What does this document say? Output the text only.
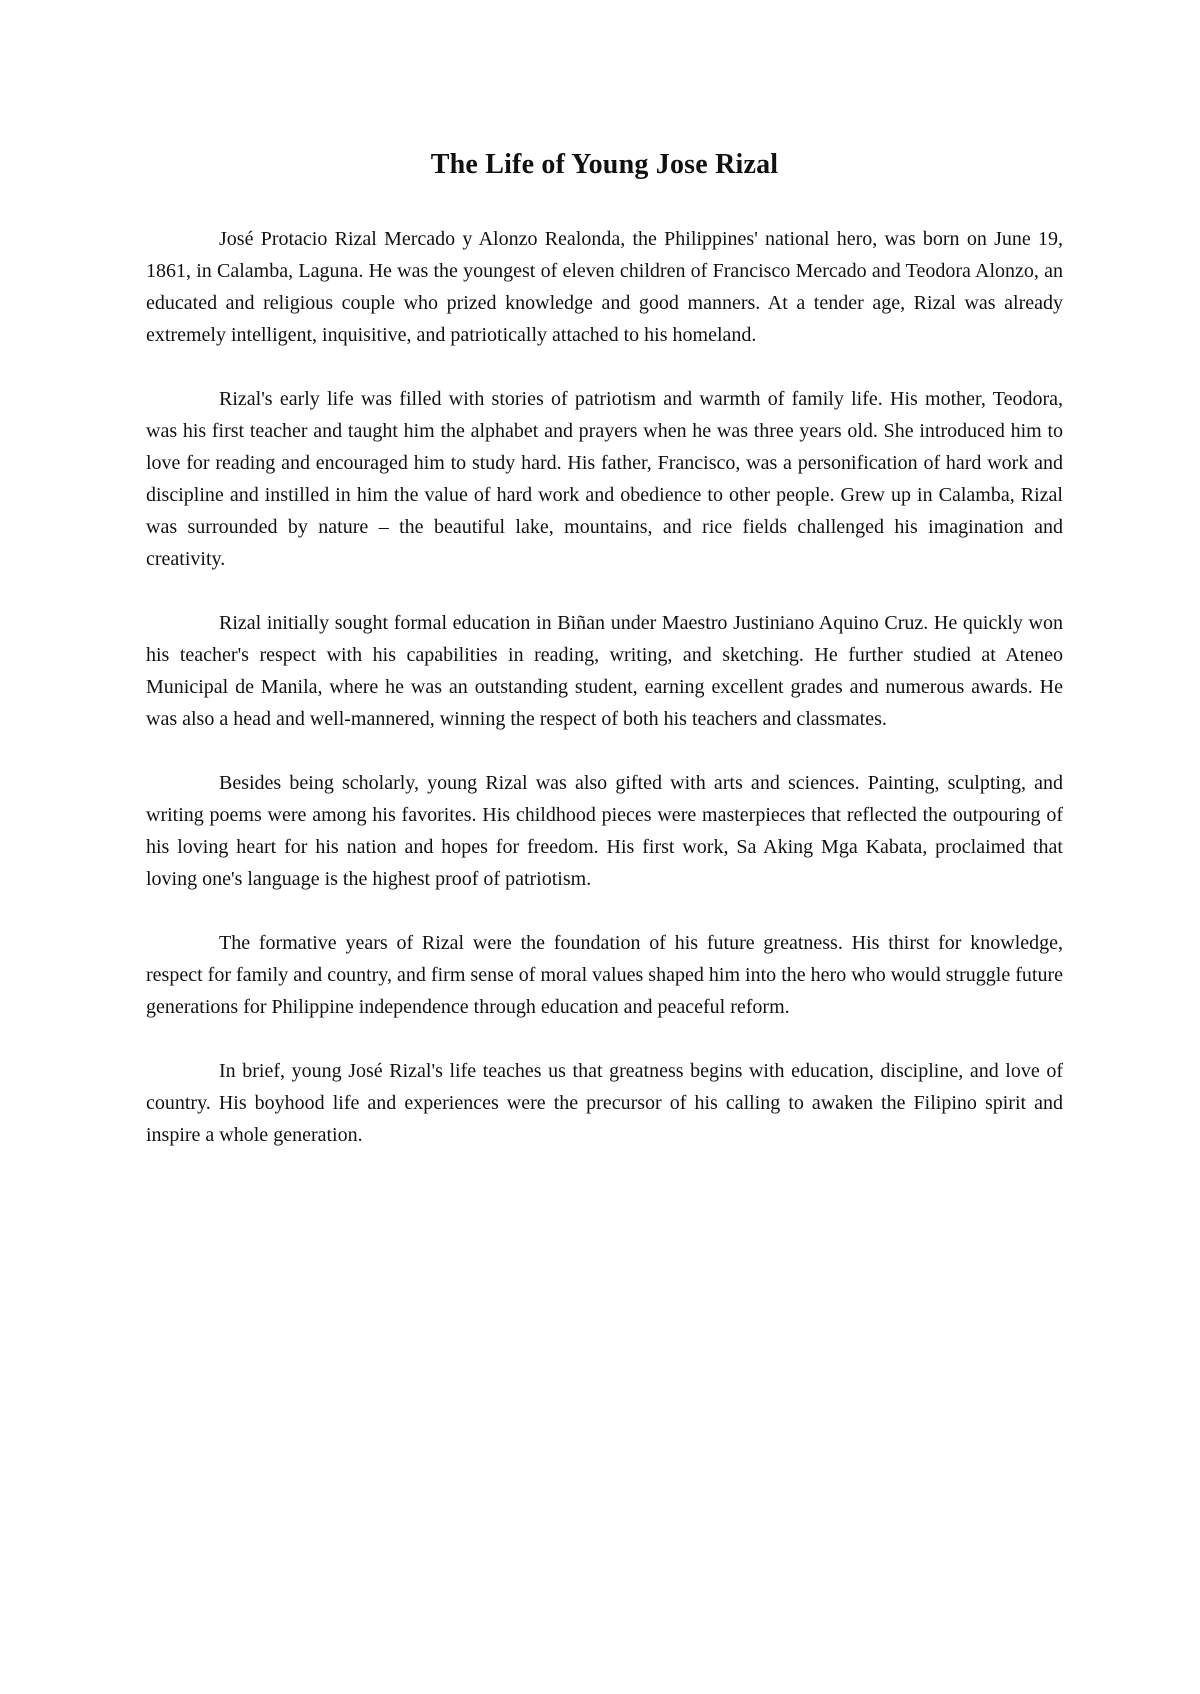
The Life of Young Jose Rizal

José Protacio Rizal Mercado y Alonzo Realonda, the Philippines' national hero, was born on June 19, 1861, in Calamba, Laguna. He was the youngest of eleven children of Francisco Mercado and Teodora Alonzo, an educated and religious couple who prized knowledge and good manners. At a tender age, Rizal was already extremely intelligent, inquisitive, and patriotically attached to his homeland.

Rizal's early life was filled with stories of patriotism and warmth of family life. His mother, Teodora, was his first teacher and taught him the alphabet and prayers when he was three years old. She introduced him to love for reading and encouraged him to study hard. His father, Francisco, was a personification of hard work and discipline and instilled in him the value of hard work and obedience to other people. Grew up in Calamba, Rizal was surrounded by nature – the beautiful lake, mountains, and rice fields challenged his imagination and creativity.

Rizal initially sought formal education in Biñan under Maestro Justiniano Aquino Cruz. He quickly won his teacher's respect with his capabilities in reading, writing, and sketching. He further studied at Ateneo Municipal de Manila, where he was an outstanding student, earning excellent grades and numerous awards. He was also a head and well-mannered, winning the respect of both his teachers and classmates.

Besides being scholarly, young Rizal was also gifted with arts and sciences. Painting, sculpting, and writing poems were among his favorites. His childhood pieces were masterpieces that reflected the outpouring of his loving heart for his nation and hopes for freedom. His first work, Sa Aking Mga Kabata, proclaimed that loving one's language is the highest proof of patriotism.

The formative years of Rizal were the foundation of his future greatness. His thirst for knowledge, respect for family and country, and firm sense of moral values shaped him into the hero who would struggle future generations for Philippine independence through education and peaceful reform.

In brief, young José Rizal's life teaches us that greatness begins with education, discipline, and love of country. His boyhood life and experiences were the precursor of his calling to awaken the Filipino spirit and inspire a whole generation.
